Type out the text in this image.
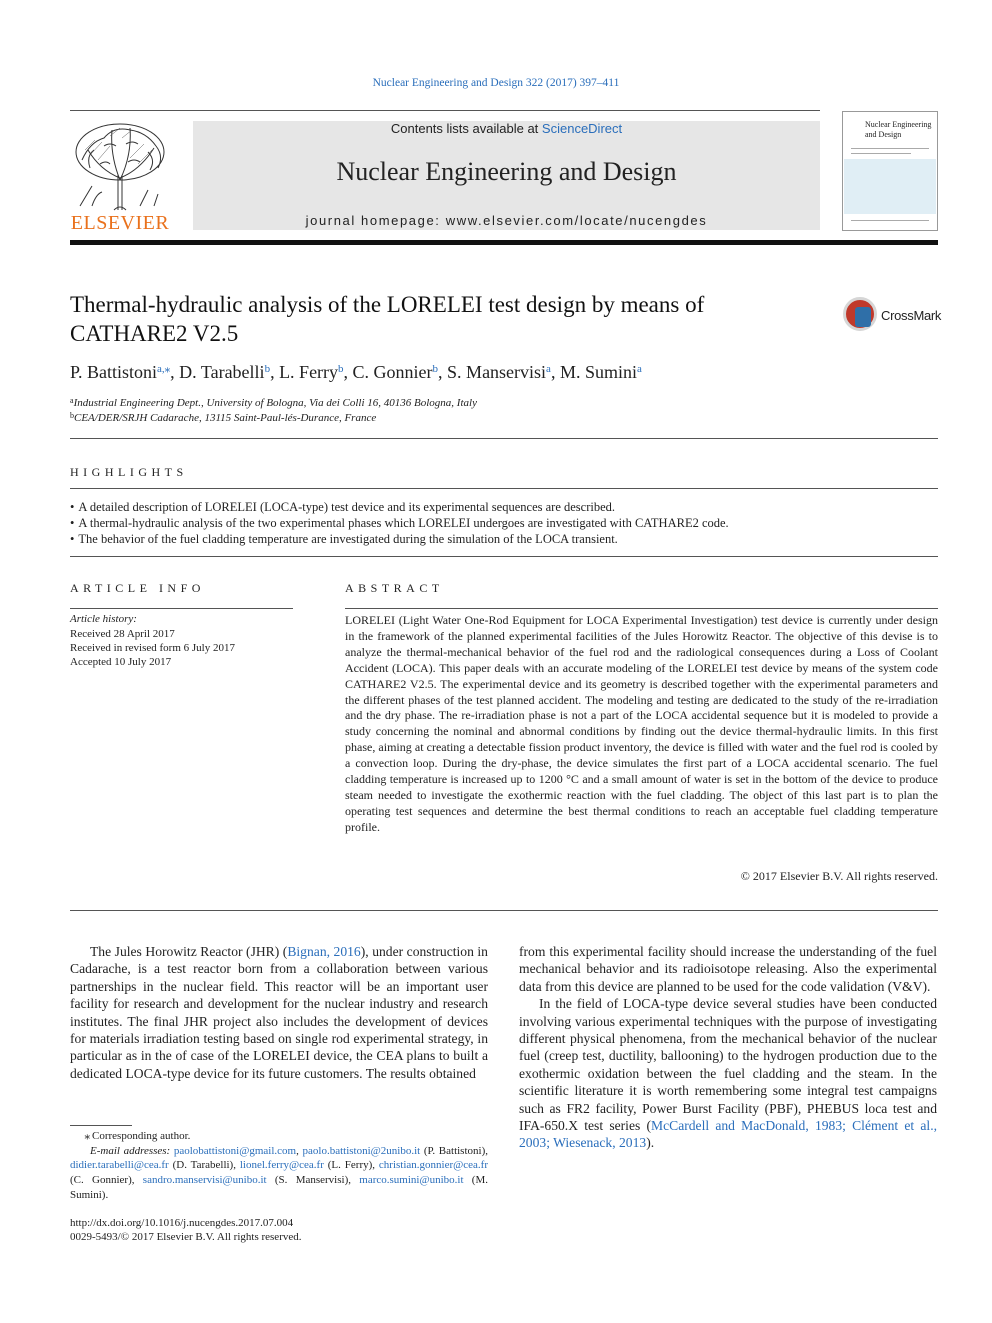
Nuclear Engineering and Design 322 (2017) 397–411
ELSEVIER
Contents lists available at ScienceDirect
Nuclear Engineering and Design
journal homepage: www.elsevier.com/locate/nucengdes
Nuclear Engineering and Design
Thermal-hydraulic analysis of the LORELEI test design by means of CATHARE2 V2.5
CrossMark
P. Battistoni$^{a,⁎}$, D. Tarabelli$^b$, L. Ferry$^b$, C. Gonnier$^b$, S. Manservisi$^a$, M. Sumini$^a$
$^a$Industrial Engineering Dept., University of Bologna, Via dei Colli 16, 40136 Bologna, Italy
$^b$CEA/DER/SRJH Cadarache, 13115 Saint-Paul-lés-Durance, France
HIGHLIGHTS
• A detailed description of LORELEI (LOCA-type) test device and its experimental sequences are described.
• A thermal-hydraulic analysis of the two experimental phases which LORELEI undergoes are investigated with CATHARE2 code.
• The behavior of the fuel cladding temperature are investigated during the simulation of the LOCA transient.
ARTICLE INFO
Article history:
Received 28 April 2017
Received in revised form 6 July 2017
Accepted 10 July 2017
ABSTRACT
LORELEI (Light Water One-Rod Equipment for LOCA Experimental Investigation) test device is currently under design in the framework of the planned experimental facilities of the Jules Horowitz Reactor. The objective of this devise is to analyze the thermal-mechanical behavior of the fuel rod and the radiological consequences during a Loss of Coolant Accident (LOCA). This paper deals with an accurate modeling of the LORELEI test device by means of the system code CATHARE2 V2.5. The experimental device and its geometry is described together with the experimental parameters and the different phases of the test planned accident. The modeling and testing are dedicated to the study of the re-irradiation and the dry phase. The re-irradiation phase is not a part of the LOCA accidental sequence but it is modeled to provide a study concerning the nominal and abnormal conditions by finding out the device thermal-hydraulic limits. In this first phase, aiming at creating a detectable fission product inventory, the device is filled with water and the fuel rod is cooled by a convection loop. During the dry-phase, the device simulates the first part of a LOCA accidental scenario. The fuel cladding temperature is increased up to 1200 °C and a small amount of water is set in the bottom of the device to produce steam needed to investigate the exothermic reaction with the fuel cladding. The object of this last part is to plan the operating test sequences and determine the best thermal conditions to reach an acceptable fuel cladding temperature profile.
© 2017 Elsevier B.V. All rights reserved.

The Jules Horowitz Reactor (JHR) (Bignan, 2016), under construction in Cadarache, is a test reactor born from a collaboration between various partnerships in the nuclear field. This reactor will be an important user facility for research and development for the nuclear industry and research institutes. The final JHR project also includes the development of devices for materials irradiation testing based on single rod experimental strategy, in particular as in the of case of the LORELEI device, the CEA plans to built a dedicated LOCA-type device for its future customers. The results obtained

from this experimental facility should increase the understanding of the fuel mechanical behavior and its radioisotope releasing. Also the experimental data from this device are planned to be used for the code validation (V&V).

In the field of LOCA-type device several studies have been conducted involving various experimental techniques with the purpose of investigating different physical phenomena, from the mechanical behavior of the nuclear fuel (creep test, ductility, ballooning) to the hydrogen production due to the exothermic oxidation between the fuel cladding and the steam. In the scientific literature it is worth remembering some integral test campaigns such as FR2 facility, Power Burst Facility (PBF), PHEBUS loca test and IFA-650.X test series (McCardell and MacDonald, 1983; Clément et al., 2003; Wiesenack, 2013).

⁎ Corresponding author.
E-mail addresses: paolobattistoni@gmail.com, paolo.battistoni@2unibo.it (P. Battistoni), didier.tarabelli@cea.fr (D. Tarabelli), lionel.ferry@cea.fr (L. Ferry), christian.gonnier@cea.fr (C. Gonnier), sandro.manservisi@unibo.it (S. Manservisi), marco.sumini@unibo.it (M. Sumini).
http://dx.doi.org/10.1016/j.nucengdes.2017.07.004
0029-5493/© 2017 Elsevier B.V. All rights reserved.
